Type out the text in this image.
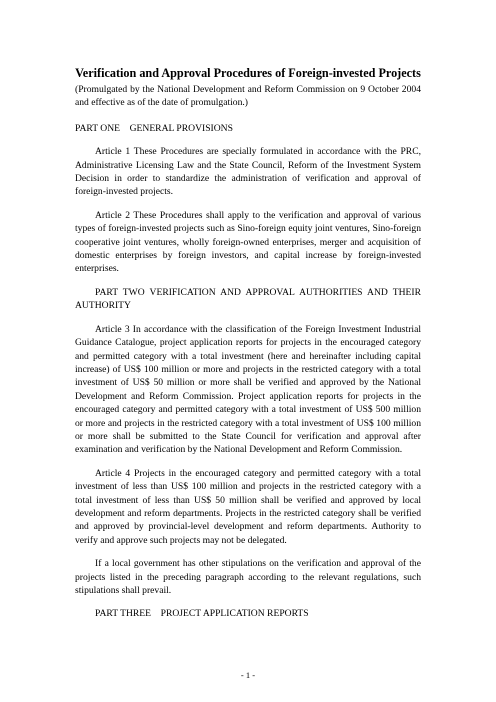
Verification and Approval Procedures of Foreign-invested Projects

(Promulgated by the National Development and Reform Commission on 9 October 2004 and effective as of the date of promulgation.)

PART ONE    GENERAL PROVISIONS

Article 1 These Procedures are specially formulated in accordance with the PRC, Administrative Licensing Law and the State Council, Reform of the Investment System Decision in order to standardize the administration of verification and approval of foreign-invested projects.

Article 2 These Procedures shall apply to the verification and approval of various types of foreign-invested projects such as Sino-foreign equity joint ventures, Sino-foreign cooperative joint ventures, wholly foreign-owned enterprises, merger and acquisition of domestic enterprises by foreign investors, and capital increase by foreign-invested enterprises.

PART TWO VERIFICATION AND APPROVAL AUTHORITIES AND THEIR AUTHORITY

Article 3 In accordance with the classification of the Foreign Investment Industrial Guidance Catalogue, project application reports for projects in the encouraged category and permitted category with a total investment (here and hereinafter including capital increase) of US$ 100 million or more and projects in the restricted category with a total investment of US$ 50 million or more shall be verified and approved by the National Development and Reform Commission. Project application reports for projects in the encouraged category and permitted category with a total investment of US$ 500 million or more and projects in the restricted category with a total investment of US$ 100 million or more shall be submitted to the State Council for verification and approval after examination and verification by the National Development and Reform Commission.

Article 4 Projects in the encouraged category and permitted category with a total investment of less than US$ 100 million and projects in the restricted category with a total investment of less than US$ 50 million shall be verified and approved by local development and reform departments. Projects in the restricted category shall be verified and approved by provincial-level development and reform departments. Authority to verify and approve such projects may not be delegated.

If a local government has other stipulations on the verification and approval of the projects listed in the preceding paragraph according to the relevant regulations, such stipulations shall prevail.

PART THREE    PROJECT APPLICATION REPORTS

- 1 -
